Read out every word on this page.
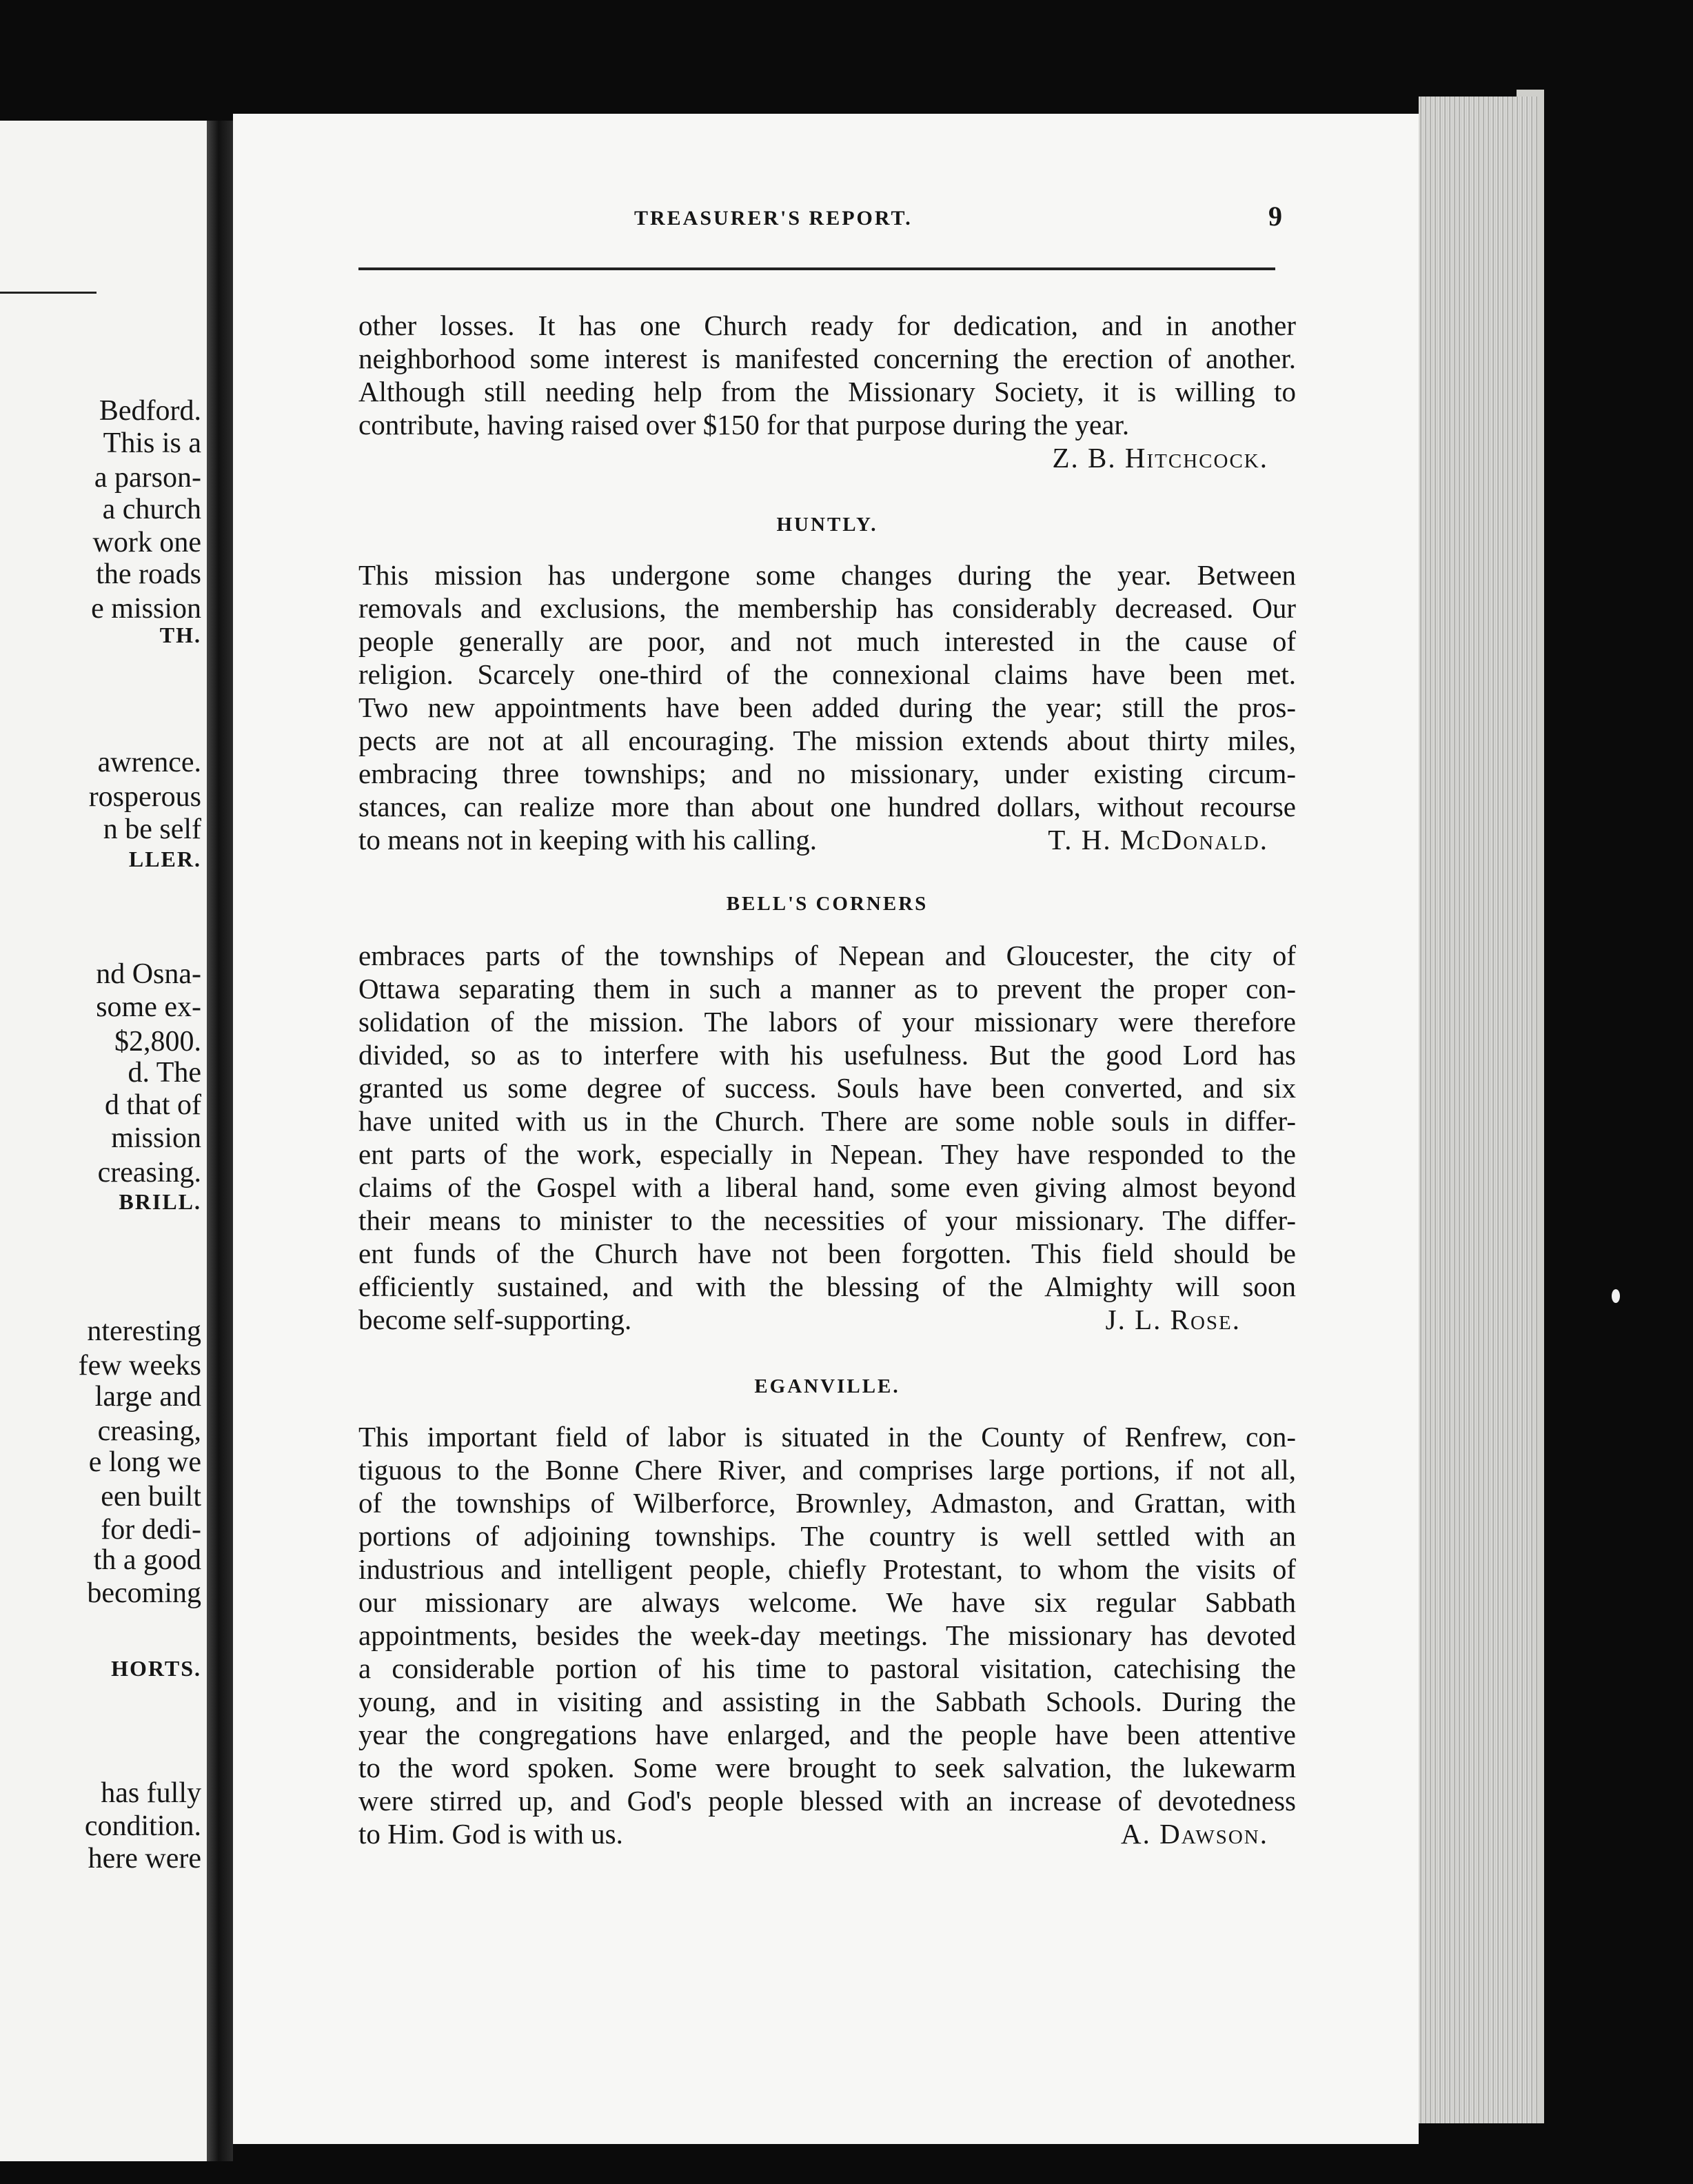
Bedford.
This is a
a parson-
a church
work one
the roads
e mission
TH.
awrence.
rosperous
n be self
LLER.
nd Osna-
some ex-
$2,800.
d. The
d that of
mission
creasing.
BRILL.
nteresting
few weeks
large and
creasing,
e long we
een built
for dedi-
th a good
becoming
HORTS.
has fully
condition.
here were
TREASURER'S REPORT.	9
other losses. It has one Church ready for dedication, and in another
neighborhood some interest is manifested concerning the erection of another.
Although still needing help from the Missionary Society, it is willing to
contribute, having raised over $150 for that purpose during the year.
Z. B. Hitchcock.
HUNTLY.
This mission has undergone some changes during the year. Between
removals and exclusions, the membership has considerably decreased. Our
people generally are poor, and not much interested in the cause of
religion. Scarcely one-third of the connexional claims have been met.
Two new appointments have been added during the year; still the pros-
pects are not at all encouraging. The mission extends about thirty miles,
embracing three townships; and no missionary, under existing circum-
stances, can realize more than about one hundred dollars, without recourse
to means not in keeping with his calling.	T. H. McDonald.
BELL'S CORNERS
embraces parts of the townships of Nepean and Gloucester, the city of
Ottawa separating them in such a manner as to prevent the proper con-
solidation of the mission. The labors of your missionary were therefore
divided, so as to interfere with his usefulness. But the good Lord has
granted us some degree of success. Souls have been converted, and six
have united with us in the Church. There are some noble souls in differ-
ent parts of the work, especially in Nepean. They have responded to the
claims of the Gospel with a liberal hand, some even giving almost beyond
their means to minister to the necessities of your missionary. The differ-
ent funds of the Church have not been forgotten. This field should be
efficiently sustained, and with the blessing of the Almighty will soon
become self-supporting.	J. L. Rose.
EGANVILLE.
This important field of labor is situated in the County of Renfrew, con-
tiguous to the Bonne Chere River, and comprises large portions, if not all,
of the townships of Wilberforce, Brownley, Admaston, and Grattan, with
portions of adjoining townships. The country is well settled with an
industrious and intelligent people, chiefly Protestant, to whom the visits of
our missionary are always welcome. We have six regular Sabbath
appointments, besides the week-day meetings. The missionary has devoted
a considerable portion of his time to pastoral visitation, catechising the
young, and in visiting and assisting in the Sabbath Schools. During the
year the congregations have enlarged, and the people have been attentive
to the word spoken. Some were brought to seek salvation, the lukewarm
were stirred up, and God's people blessed with an increase of devotedness
to Him. God is with us.	A. Dawson.
